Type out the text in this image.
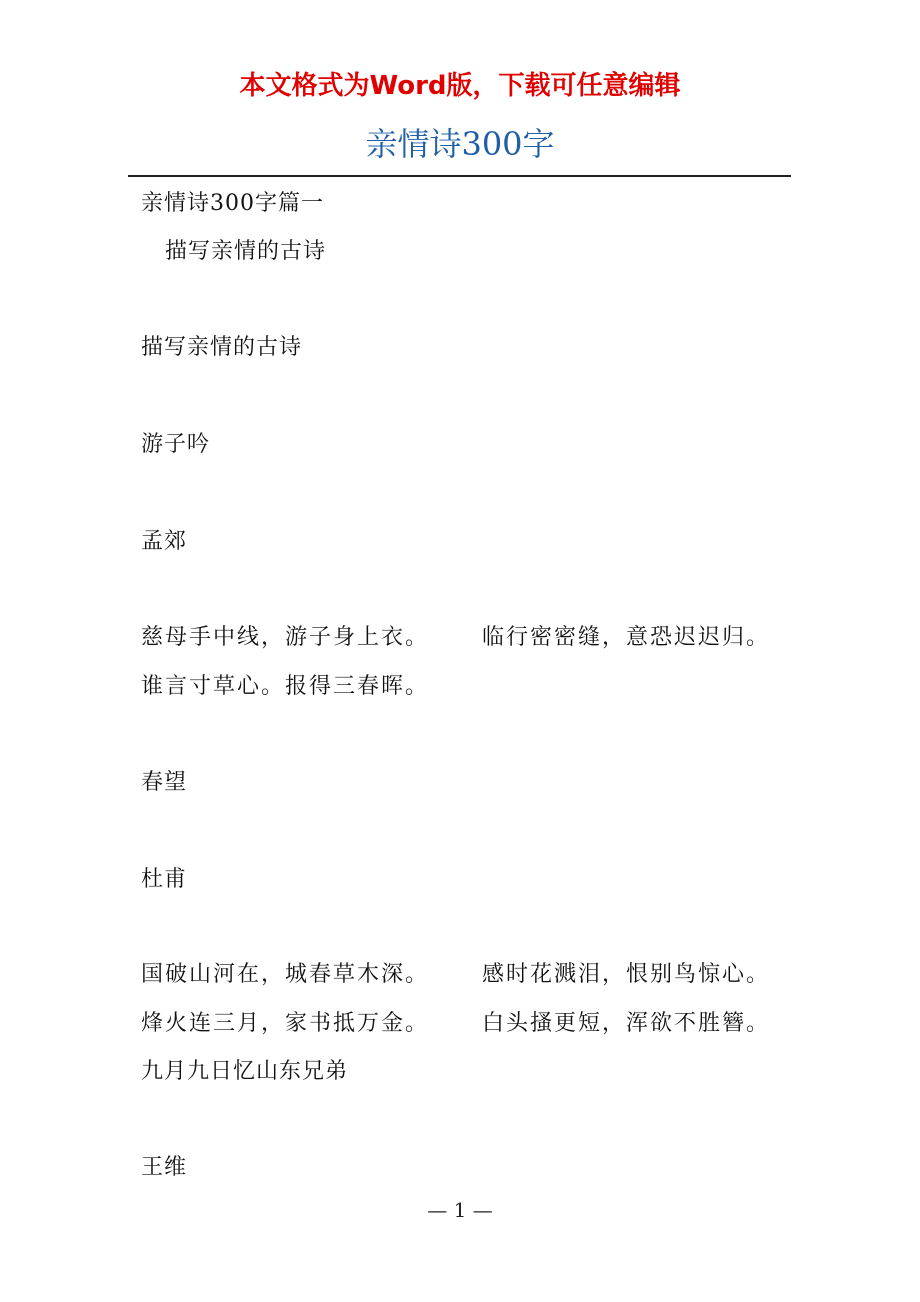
本文格式为Word版，下载可任意编辑
亲情诗300字
亲情诗300字篇一
描写亲情的古诗
描写亲情的古诗
游子吟
孟郊
慈母手中线，游子身上衣。 临行密密缝，意恐迟迟归。
谁言寸草心。报得三春晖。
春望
杜甫
国破山河在，城春草木深。 感时花溅泪，恨别鸟惊心。
烽火连三月，家书抵万金。 白头搔更短，浑欲不胜簪。
九月九日忆山东兄弟
王维
— 1 —
